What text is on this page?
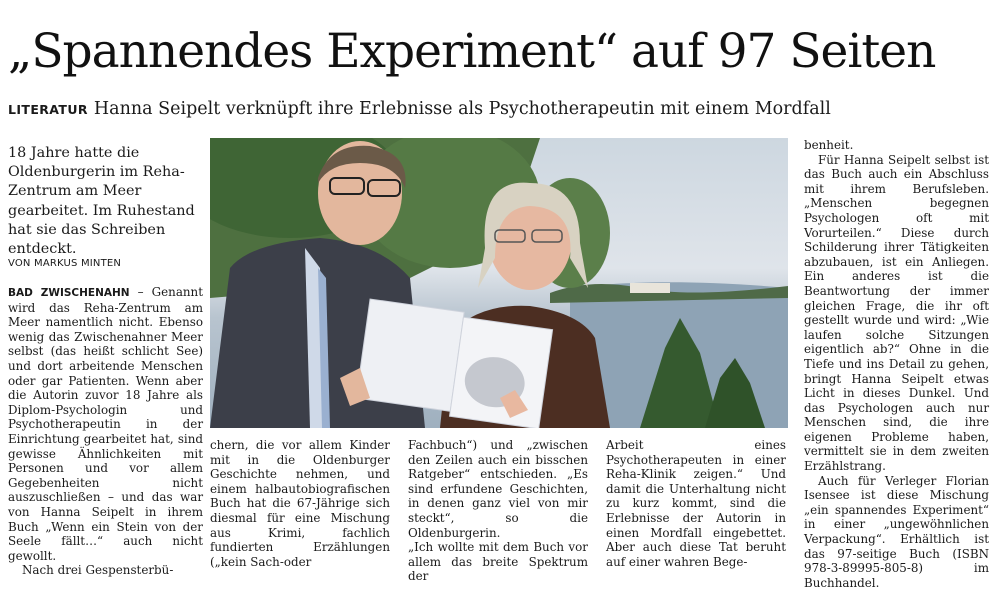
„Spannendes Experiment“ auf 97 Seiten
LITERATUR Hanna Seipelt verknüpft ihre Erlebnisse als Psychotherapeutin mit einem Mordfall
18 Jahre hatte die Oldenburgerin im Reha-Zentrum am Meer gearbeitet. Im Ruhestand hat sie das Schreiben entdeckt.
VON MARKUS MINTEN

BAD ZWISCHENAHN – Genannt wird das Reha-Zentrum am Meer namentlich nicht. Ebenso wenig das Zwischenahner Meer selbst (das heißt schlicht See) und dort arbeitende Menschen oder gar Patienten. Wenn aber die Autorin zuvor 18 Jahre als Diplom-Psychologin und Psychotherapeutin in der Einrichtung gearbeitet hat, sind gewisse Ähnlichkeiten mit Personen und vor allem Gegebenheiten nicht auszuschließen – und das war von Hanna Seipelt in ihrem Buch „Wenn ein Stein von der Seele fällt…“ auch nicht gewollt.

Nach drei Gespensterbü-

chern, die vor allem Kinder mit in die Oldenburger Geschichte nehmen, und einem halbautobiografischen Buch hat die 67-Jährige sich diesmal für eine Mischung aus Krimi, fachlich fundierten Erzählungen („kein Sach-oder

Fachbuch“) und „zwischen den Zeilen auch ein bisschen Ratgeber“ entschieden. „Es sind erfundene Geschichten, in denen ganz viel von mir steckt“, so die Oldenburgerin.

„Ich wollte mit dem Buch vor allem das breite Spektrum der

Arbeit eines Psychotherapeuten in einer Reha-Klinik zeigen.“ Und damit die Unterhaltung nicht zu kurz kommt, sind die Erlebnisse der Autorin in einen Mordfall eingebettet. Aber auch diese Tat beruht auf einer wahren Bege-

benheit.

Für Hanna Seipelt selbst ist das Buch auch ein Abschluss mit ihrem Berufsleben. „Menschen begegnen Psychologen oft mit Vorurteilen.“ Diese durch Schilderung ihrer Tätigkeiten abzubauen, ist ein Anliegen. Ein anderes ist die Beantwortung der immer gleichen Frage, die ihr oft gestellt wurde und wird: „Wie laufen solche Sitzungen eigentlich ab?“ Ohne in die Tiefe und ins Detail zu gehen, bringt Hanna Seipelt etwas Licht in dieses Dunkel. Und das Psychologen auch nur Menschen sind, die ihre eigenen Probleme haben, vermittelt sie in dem zweiten Erzählstrang.

Auch für Verleger Florian Isensee ist diese Mischung „ein spannendes Experiment“ in einer „ungewöhnlichen Verpackung“. Erhältlich ist das 97-seitige Buch (ISBN 978-3-89995-805-8) im Buchhandel.
